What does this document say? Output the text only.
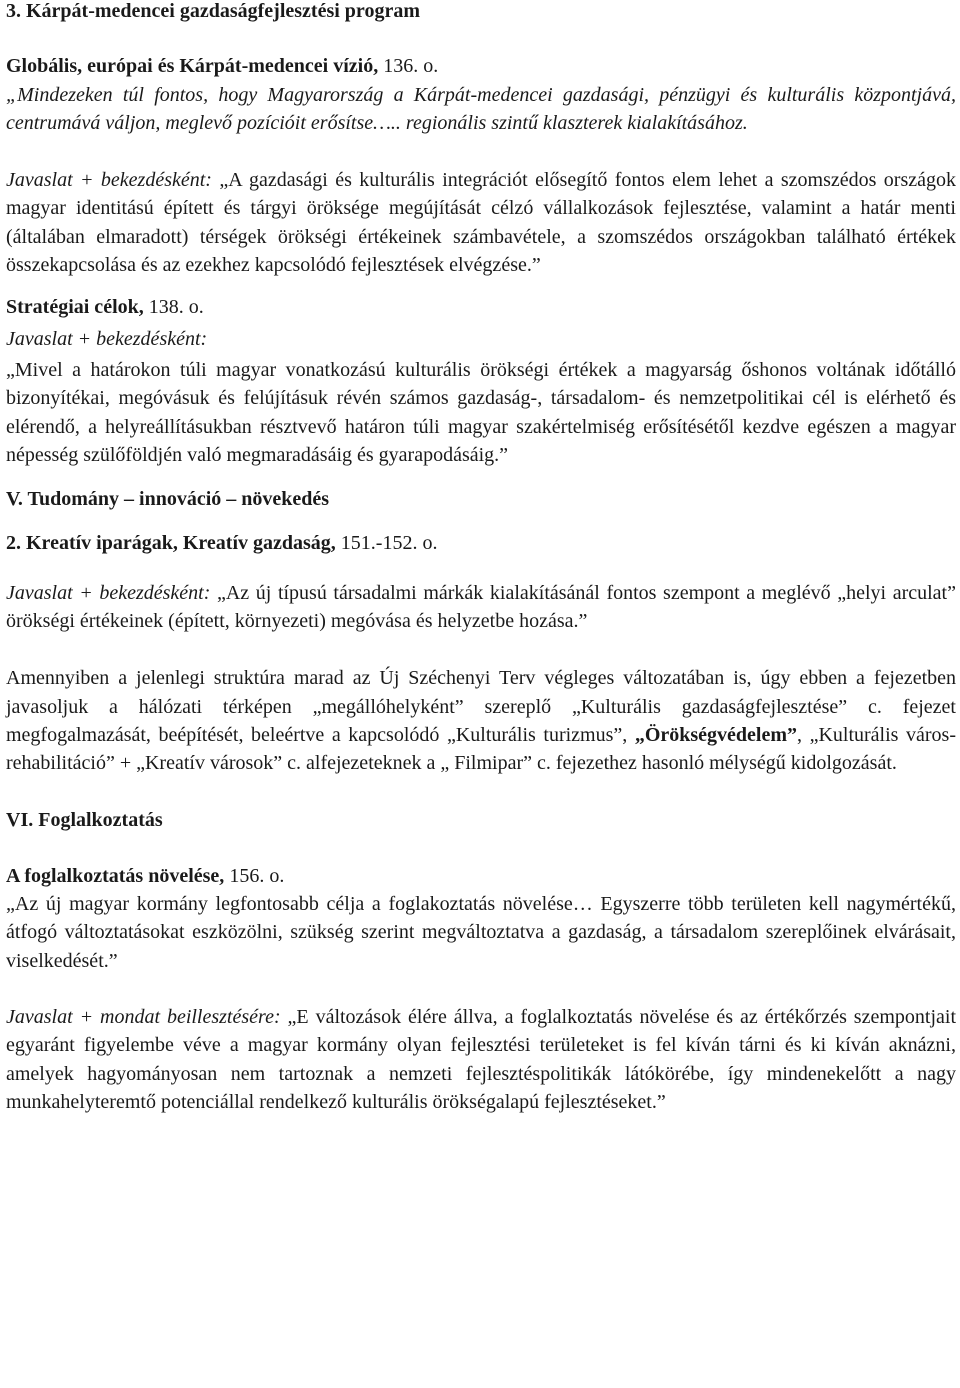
3. Kárpát-medencei gazdaságfejlesztési program

Globális, európai és Kárpát-medencei vízió, 136. o.

„Mindezeken túl fontos, hogy Magyarország a Kárpát-medencei gazdasági, pénzügyi és kulturális központjává, centrumává váljon, meglevő pozícióit erősítse….. regionális szintű klaszterek kialakításához.

Javaslat + bekezdésként: „A gazdasági és kulturális integrációt elősegítő fontos elem lehet a szomszédos országok magyar identitású épített és tárgyi öröksége megújítását célzó vállalkozások fejlesztése, valamint a határ menti (általában elmaradott) térségek örökségi értékeinek számbavétele, a szomszédos országokban található értékek összekapcsolása és az ezekhez kapcsolódó fejlesztések elvégzése.”

Stratégiai célok, 138. o.

Javaslat + bekezdésként:

„Mivel a határokon túli magyar vonatkozású kulturális örökségi értékek a magyarság őshonos voltának időtálló bizonyítékai, megóvásuk és felújításuk révén számos gazdaság-, társadalom- és nemzetpolitikai cél is elérhető és elérendő, a helyreállításukban résztvevő határon túli magyar szakértelmiség erősítésétől kezdve egészen a magyar népesség szülőföldjén való megmaradásáig és gyarapodásáig.”

V. Tudomány – innováció – növekedés

2. Kreatív iparágak, Kreatív gazdaság, 151.-152. o.

Javaslat + bekezdésként: „Az új típusú társadalmi márkák kialakításánál fontos szempont a meglévő „helyi arculat” örökségi értékeinek (épített, környezeti) megóvása és helyzetbe hozása.”

Amennyiben a jelenlegi struktúra marad az Új Széchenyi Terv végleges változatában is, úgy ebben a fejezetben javasoljuk a hálózati térképen „megállóhelyként” szereplő „Kulturális gazdaságfejlesztése” c. fejezet megfogalmazását, beépítését, beleértve a kapcsolódó „Kulturális turizmus”, „Örökségvédelem”, „Kulturális város-rehabilitáció” + „Kreatív városok” c. alfejezeteknek a „ Filmipar” c. fejezethez hasonló mélységű kidolgozását.

VI. Foglalkoztatás

A foglalkoztatás növelése, 156. o.

„Az új magyar kormány legfontosabb célja a foglakoztatás növelése… Egyszerre több területen kell nagymértékű, átfogó változtatásokat eszközölni, szükség szerint megváltoztatva a gazdaság, a társadalom szereplőinek elvárásait, viselkedését.”

Javaslat + mondat beillesztésére: „E változások élére állva, a foglalkoztatás növelése és az értékőrzés szempontjait egyaránt figyelembe véve a magyar kormány olyan fejlesztési területeket is fel kíván tárni és ki kíván aknázni, amelyek hagyományosan nem tartoznak a nemzeti fejlesztéspolitikák látókörébe, így mindenekelőtt a nagy munkahelyteremtő potenciállal rendelkező kulturális örökségalapú fejlesztéseket.”
